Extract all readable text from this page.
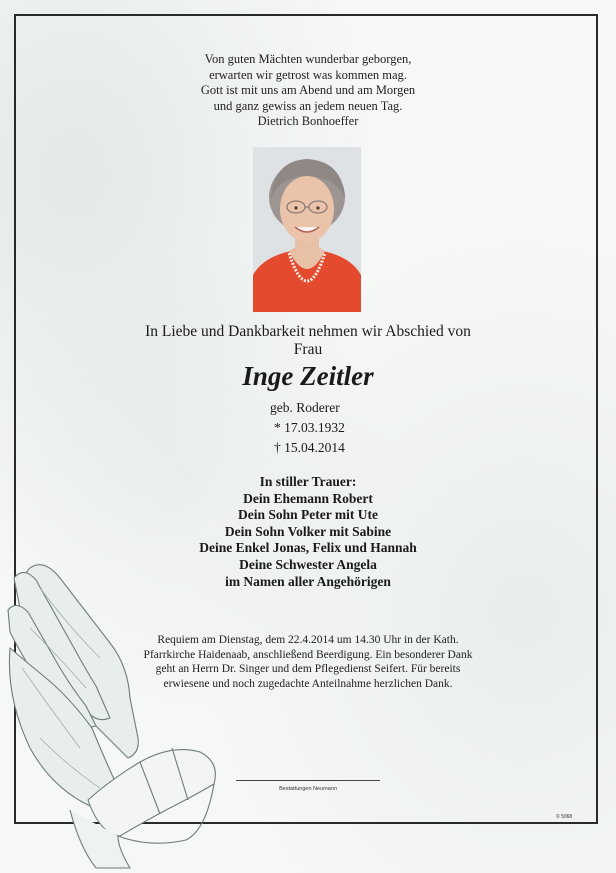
Von guten Mächten wunderbar geborgen,
erwarten wir getrost was kommen mag.
Gott ist mit uns am Abend und am Morgen
und ganz gewiss an jedem neuen Tag.
Dietrich Bonhoeffer
In Liebe und Dankbarkeit nehmen wir Abschied von
Frau
Inge Zeitler
geb. Roderer
* 17.03.1932
† 15.04.2014
In stiller Trauer:
Dein Ehemann Robert
Dein Sohn Peter mit Ute
Dein Sohn Volker mit Sabine
Deine Enkel Jonas, Felix und Hannah
Deine Schwester Angela
im Namen aller Angehörigen
Requiem am Dienstag, dem 22.4.2014 um 14.30 Uhr in der Kath.
Pfarrkirche Haidenaab, anschließend Beerdigung. Ein besonderer Dank
geht an Herrn Dr. Singer und dem Pflegedienst Seifert. Für bereits
erwiesene und noch zugedachte Anteilnahme herzlichen Dank.
Bestattungen Neumann
© 5068
